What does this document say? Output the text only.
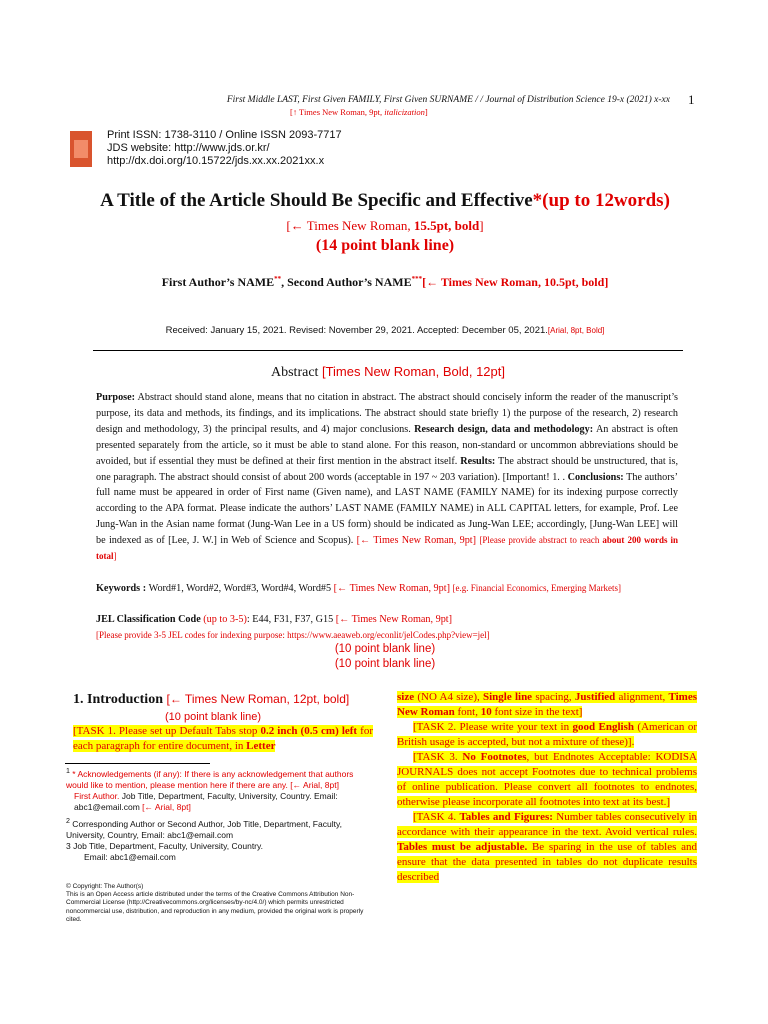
First Middle LAST, First Given FAMILY, First Given SURNAME / / Journal of Distribution Science 19-x (2021) x-xx
[↑ Times New Roman, 9pt, italicization]
1
Print ISSN: 1738-3110 / Online ISSN 2093-7717
JDS website: http://www.jds.or.kr/
http://dx.doi.org/10.15722/jds.xx.xx.2021xx.x
A Title of the Article Should Be Specific and Effective*(up to 12words)
[← Times New Roman, 15.5pt, bold]
(14 point blank line)
First Author’s NAME**, Second Author’s NAME***[← Times New Roman, 10.5pt, bold]
Received: January 15, 2021. Revised: November 29, 2021. Accepted: December 05, 2021.[Arial, 8pt, Bold]
Abstract [Times New Roman, Bold, 12pt]
Purpose: Abstract should stand alone, means that no citation in abstract. The abstract should concisely inform the reader of the manuscript’s purpose, its data and methods, its findings, and its implications. The abstract should state briefly 1) the purpose of the research, 2) research design and methodology, 3) the principal results, and 4) major conclusions. Research design, data and methodology: An abstract is often presented separately from the article, so it must be able to stand alone. For this reason, non-standard or uncommon abbreviations should be avoided, but if essential they must be defined at their first mention in the abstract itself. Results: The abstract should be unstructured, that is, one paragraph. The abstract should consist of about 200 words (acceptable in 197 ~ 203 variation). [Important! 1. . Conclusions: The authors’ full name must be appeared in order of First name (Given name), and LAST NAME (FAMILY NAME) for its indexing purpose correctly according to the APA format. Please indicate the authors’ LAST NAME (FAMILY NAME) in ALL CAPITAL letters, for example, Prof. Lee Jung-Wan in the Asian name format (Jung-Wan Lee in a US form) should be indicated as Jung-Wan LEE; accordingly, [Jung-Wan LEE] will be indexed as of [Lee, J. W.] in Web of Science and Scopus). [← Times New Roman, 9pt] [Please provide abstract to reach about 200 words in total]
Keywords : Word#1, Word#2, Word#3, Word#4, Word#5 [← Times New Roman, 9pt] [e.g. Financial Economics, Emerging Markets]
JEL Classification Code (up to 3-5): E44, F31, F37, G15 [← Times New Roman, 9pt]
[Please provide 3-5 JEL codes for indexing purpose: https://www.aeaweb.org/econlit/jelCodes.php?view=jel]
(10 point blank line)
(10 point blank line)
1. Introduction [← Times New Roman, 12pt, bold]
(10 point blank line)
[TASK 1. Please set up Default Tabs stop 0.2 inch (0.5 cm) left for each paragraph for entire document, in Letter

$^1$ * Acknowledgements (if any): If there is any acknowledgement that authors would like to mention, please mention here if there are any. [← Arial, 8pt]

First Author. Job Title, Department, Faculty, University, Country. Email: abc1@email.com [← Arial, 8pt]

$^2$ Corresponding Author or Second Author, Job Title, Department, Faculty, University, Country, Email: abc1@email.com

3 Job Title, Department, Faculty, University, Country.

Email: abc1@email.com

© Copyright: The Author(s)
This is an Open Access article distributed under the terms of the Creative Commons Attribution Non-Commercial License (http://Creativecommons.org/licenses/by-nc/4.0/) which permits unrestricted noncommercial use, distribution, and reproduction in any medium, provided the original work is properly cited.

size (NO A4 size), Single line spacing, Justified alignment, Times New Roman font, 10 font size in the text]

[TASK 2. Please write your text in good English (American or British usage is accepted, but not a mixture of these)].

[TASK 3. No Footnotes, but Endnotes Acceptable: KODISA JOURNALS does not accept Footnotes due to technical problems of online publication. Please convert all footnotes to endnotes, otherwise please incorporate all footnotes into text at its best.]

[TASK 4. Tables and Figures: Number tables consecutively in accordance with their appearance in the text. Avoid vertical rules. Tables must be adjustable. Be sparing in the use of tables and ensure that the data presented in tables do not duplicate results described
